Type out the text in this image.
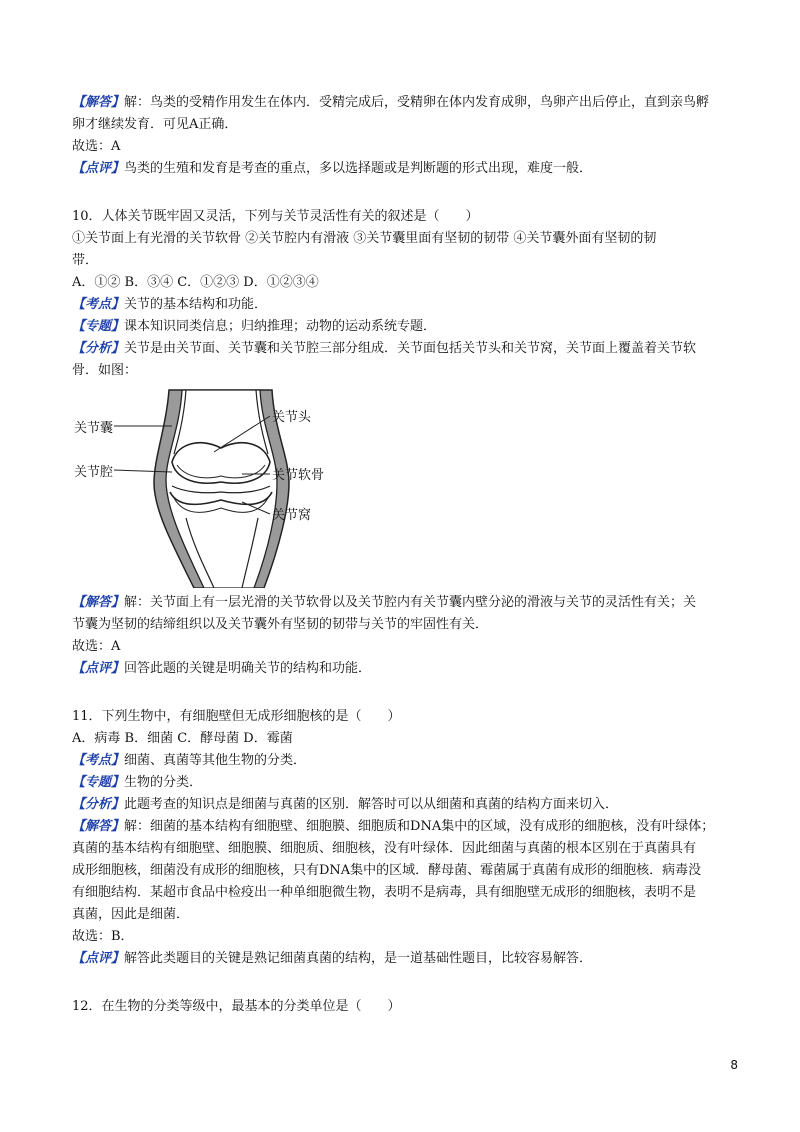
【解答】解：鸟类的受精作用发生在体内．受精完成后，受精卵在体内发育成卵，鸟卵产出后停止，直到亲鸟孵
卵才继续发育．可见A正确．
故选：A
【点评】鸟类的生殖和发育是考查的重点，多以选择题或是判断题的形式出现，难度一般．
10．人体关节既牢固又灵活，下列与关节灵活性有关的叙述是（　　）
①关节面上有光滑的关节软骨 ②关节腔内有滑液 ③关节囊里面有坚韧的韧带 ④关节囊外面有坚韧的韧
带．
A．①② B．③④ C．①②③ D．①②③④
【考点】关节的基本结构和功能．
【专题】课本知识同类信息；归纳推理；动物的运动系统专题．
【分析】关节是由关节面、关节囊和关节腔三部分组成．关节面包括关节头和关节窝，关节面上覆盖着关节软
骨．如图：
关节囊
关节腔
关节头
关节软骨
关节窝
【解答】解：关节面上有一层光滑的关节软骨以及关节腔内有关节囊内壁分泌的滑液与关节的灵活性有关；关
节囊为坚韧的结缔组织以及关节囊外有坚韧的韧带与关节的牢固性有关．
故选：A
【点评】回答此题的关键是明确关节的结构和功能．
11．下列生物中，有细胞壁但无成形细胞核的是（　　）
A．病毒 B．细菌 C．酵母菌 D．霉菌
【考点】细菌、真菌等其他生物的分类．
【专题】生物的分类．
【分析】此题考查的知识点是细菌与真菌的区别．解答时可以从细菌和真菌的结构方面来切入．
【解答】解：细菌的基本结构有细胞壁、细胞膜、细胞质和DNA集中的区域，没有成形的细胞核，没有叶绿体；
真菌的基本结构有细胞壁、细胞膜、细胞质、细胞核，没有叶绿体．因此细菌与真菌的根本区别在于真菌具有
成形细胞核，细菌没有成形的细胞核，只有DNA集中的区域．酵母菌、霉菌属于真菌有成形的细胞核．病毒没
有细胞结构．某超市食品中检疫出一种单细胞微生物，表明不是病毒，具有细胞壁无成形的细胞核，表明不是
真菌，因此是细菌．
故选：B．
【点评】解答此类题目的关键是熟记细菌真菌的结构，是一道基础性题目，比较容易解答．
12．在生物的分类等级中，最基本的分类单位是（　　）
8
